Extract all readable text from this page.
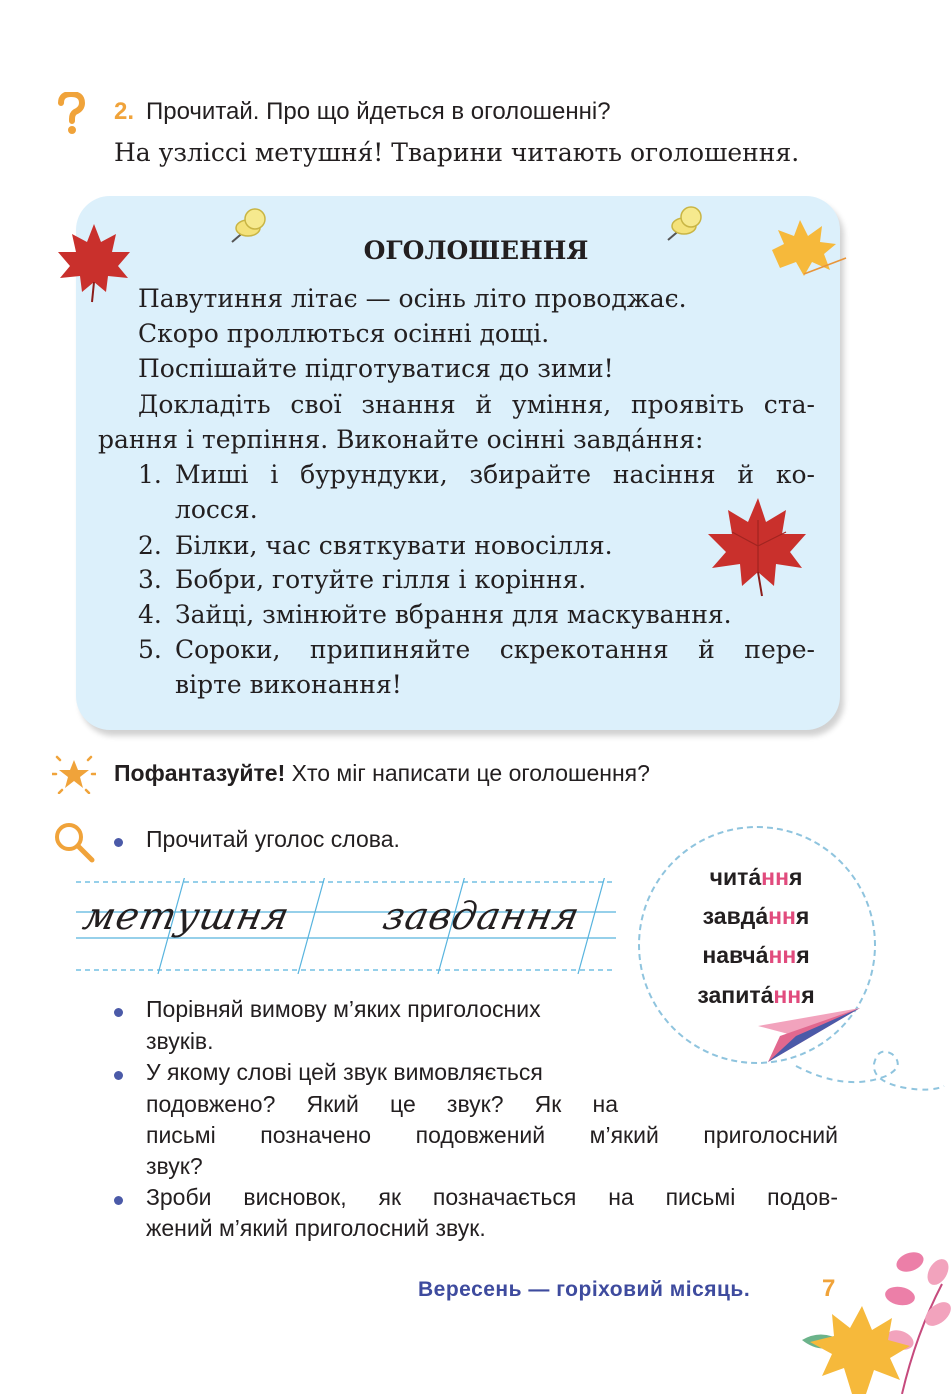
2. Прочитай. Про що йдеться в оголошенні?
На узліссі метушня́! Тварини читають оголошення.
ОГОЛОШЕННЯ
Павутиння літає — осінь літо проводжає.
Скоро проллються осінні дощі.
Поспішайте підготуватися до зими!
Докладіть свої знання й уміння, проявіть ста-
рання і терпіння. Виконайте осінні завда́ння:
1. Миші і бурундуки, збирайте насіння й ко-
лосся.
2. Білки, час святкувати новосілля.
3. Бобри, готуйте гілля і коріння.
4. Зайці, змінюйте вбрання для маскування.
5. Сороки, припиняйте скрекотання й пере-
вірте виконання!
Пофантазуйте! Хто міг написати це оголошення?
Прочитай уголос слова.
метушня завдання
чита́ння
завда́ння
навча́ння
запита́ння
Порівняй вимову м’яких приголосних
звуків.
У якому слові цей звук вимовляється
подовжено? Який це звук? Як на
письмі позначено подовжений м’який приголосний
звук?
Зроби висновок, як позначається на письмі подов-
жений м’який приголосний звук.
Вересень — горіховий місяць.	7
